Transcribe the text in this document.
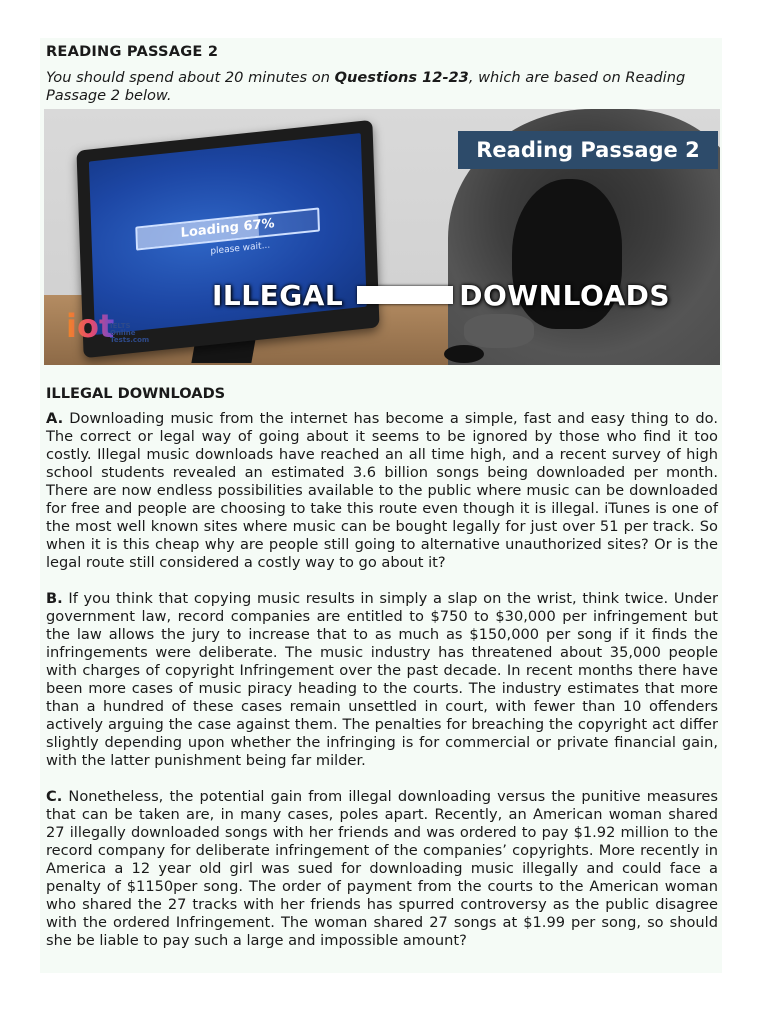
READING PASSAGE 2

You should spend about 20 minutes on Questions 12-23, which are based on Reading Passage 2 below.

Loading 67%
please wait...
Reading Passage 2
ILLEGAL	DOWNLOADS
iot
IELTS
Online
Tests.com

ILLEGAL DOWNLOADS

A. Downloading music from the internet has become a simple, fast and easy thing to do. The correct or legal way of going about it seems to be ignored by those who find it too costly. Illegal music downloads have reached an all time high, and a recent survey of high school students revealed an estimated 3.6 billion songs being downloaded per month. There are now endless possibilities available to the public where music can be downloaded for free and people are choosing to take this route even though it is illegal. iTunes is one of the most well known sites where music can be bought legally for just over 51 per track. So when it is this cheap why are people still going to alternative unauthorized sites? Or is the legal route still considered a costly way to go about it?

B. If you think that copying music results in simply a slap on the wrist, think twice. Under government law, record companies are entitled to $750 to $30,000 per infringement but the law allows the jury to increase that to as much as $150,000 per song if it finds the infringements were deliberate. The music industry has threatened about 35,000 people with charges of copyright Infringement over the past decade. In recent months there have been more cases of music piracy heading to the courts. The industry estimates that more than a hundred of these cases remain unsettled in court, with fewer than 10 offenders actively arguing the case against them. The penalties for breaching the copyright act differ slightly depending upon whether the infringing is for commercial or private financial gain, with the latter punishment being far milder.

C. Nonetheless, the potential gain from illegal downloading versus the punitive measures that can be taken are, in many cases, poles apart. Recently, an American woman shared 27 illegally downloaded songs with her friends and was ordered to pay $1.92 million to the record company for deliberate infringement of the companies’ copyrights. More recently in America a 12 year old girl was sued for downloading music illegally and could face a penalty of $1150per song. The order of payment from the courts to the American woman who shared the 27 tracks with her friends has spurred controversy as the public disagree with the ordered Infringement. The woman shared 27 songs at $1.99 per song, so should she be liable to pay such a large and impossible amount?
